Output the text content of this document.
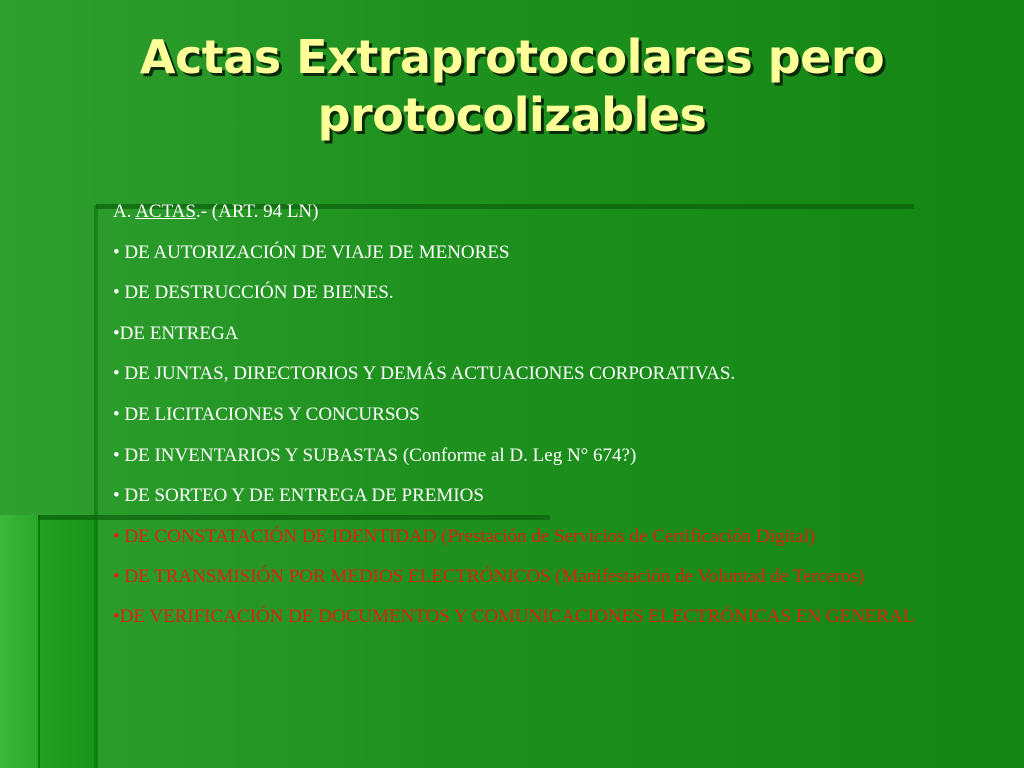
Actas Extraprotocolares pero
protocolizables
A. ACTAS.- (ART. 94 LN)
• DE AUTORIZACIÓN DE VIAJE DE MENORES
• DE DESTRUCCIÓN DE BIENES.
•DE ENTREGA
• DE JUNTAS, DIRECTORIOS Y DEMÁS ACTUACIONES CORPORATIVAS.
• DE LICITACIONES Y CONCURSOS
• DE INVENTARIOS Y SUBASTAS (Conforme al D. Leg N° 674?)
• DE SORTEO Y DE ENTREGA DE PREMIOS
• DE CONSTATACIÓN DE IDENTIDAD (Prestación de Servicios de Certificación Digital)
• DE TRANSMISIÓN POR MEDIOS ELECTRÓNICOS (Manifestación de Voluntad de Terceros)
•DE VERIFICACIÓN DE DOCUMENTOS Y COMUNICACIONES ELECTRÓNICAS EN GENERAL
